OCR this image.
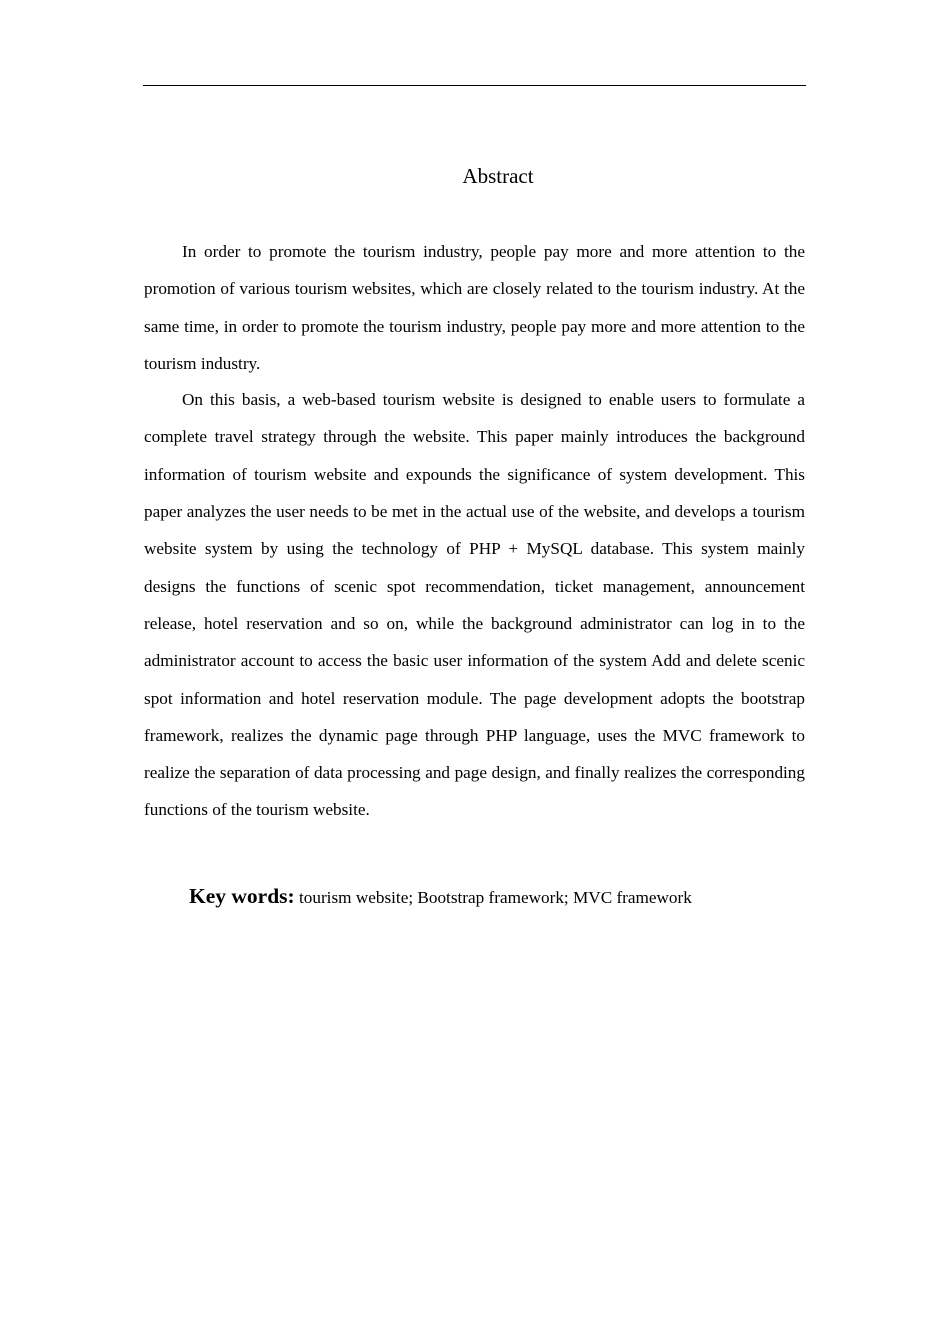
Abstract

In order to promote the tourism industry, people pay more and more attention to the promotion of various tourism websites, which are closely related to the tourism industry. At the same time, in order to promote the tourism industry, people pay more and more attention to the tourism industry.

On this basis, a web-based tourism website is designed to enable users to formulate a complete travel strategy through the website. This paper mainly introduces the background information of tourism website and expounds the significance of system development. This paper analyzes the user needs to be met in the actual use of the website, and develops a tourism website system by using the technology of PHP + MySQL database. This system mainly designs the functions of scenic spot recommendation, ticket management, announcement release, hotel reservation and so on, while the background administrator can log in to the administrator account to access the basic user information of the system Add and delete scenic spot information and hotel reservation module. The page development adopts the bootstrap framework, realizes the dynamic page through PHP language, uses the MVC framework to realize the separation of data processing and page design, and finally realizes the corresponding functions of the tourism website.

Key words: tourism website; Bootstrap framework; MVC framework
